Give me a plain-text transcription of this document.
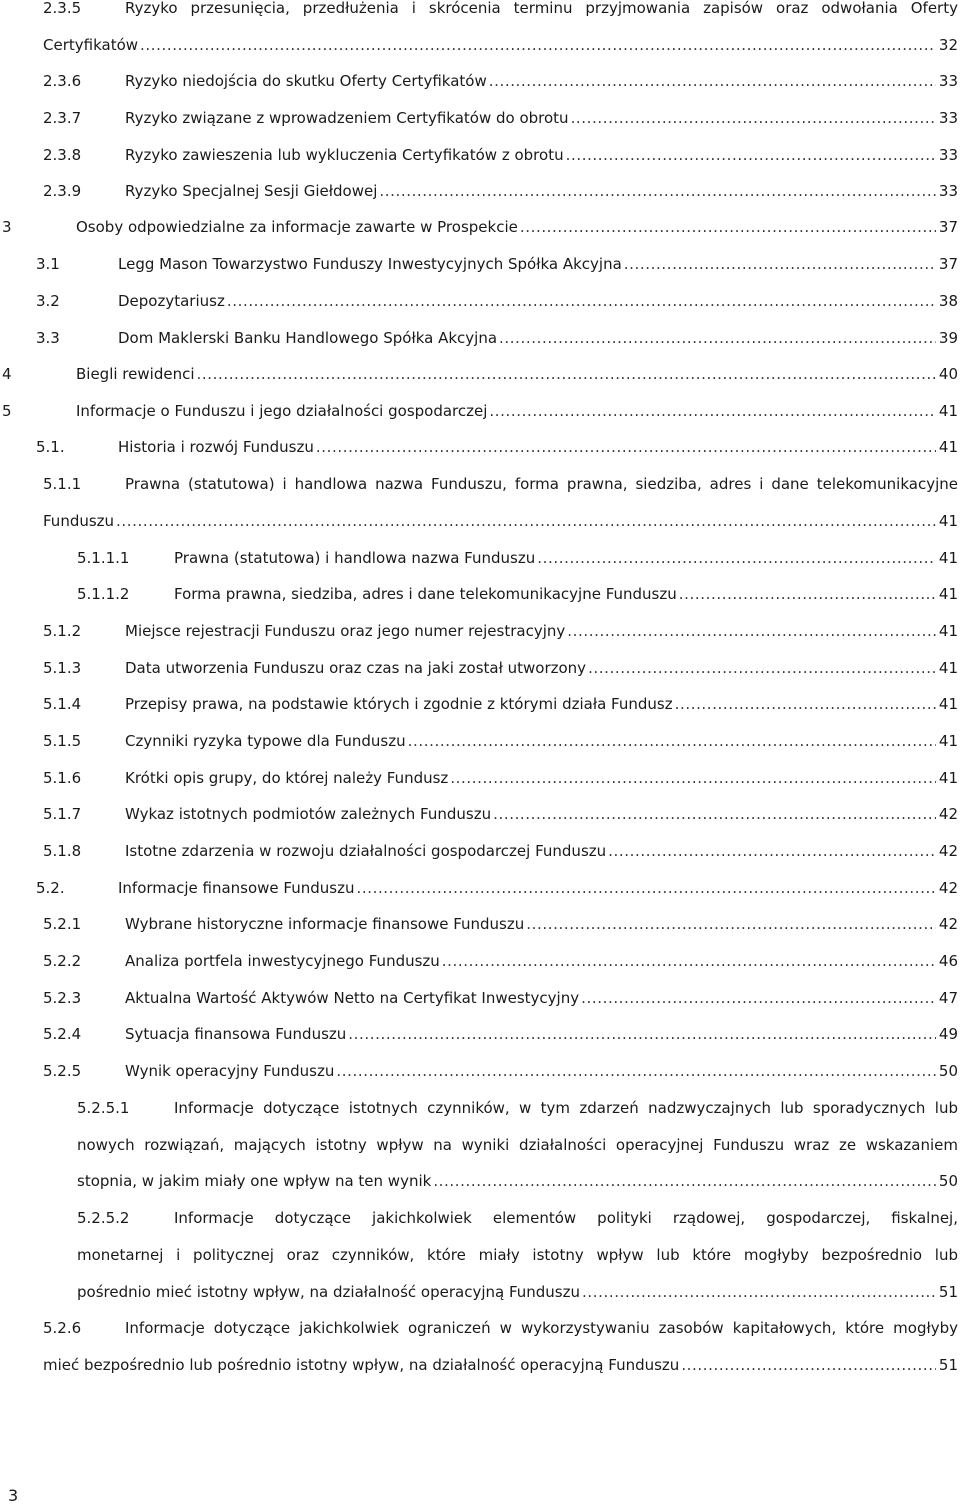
2.3.5	Ryzyko przesunięcia, przedłużenia i skrócenia terminu przyjmowania zapisów oraz odwołania Oferty
Certyfikatów .....	32
2.3.6	Ryzyko niedojścia do skutku Oferty Certyfikatów .....	33
2.3.7	Ryzyko związane z wprowadzeniem Certyfikatów do obrotu .....	33
2.3.8	Ryzyko zawieszenia lub wykluczenia Certyfikatów z obrotu .....	33
2.3.9	Ryzyko Specjalnej Sesji Giełdowej .....	33
3	Osoby odpowiedzialne za informacje zawarte w Prospekcie .....	37
3.1	Legg Mason Towarzystwo Funduszy Inwestycyjnych Spółka Akcyjna .....	37
3.2	Depozytariusz .....	38
3.3	Dom Maklerski Banku Handlowego Spółka Akcyjna .....	39
4	Biegli rewidenci .....	40
5	Informacje o Funduszu i jego działalności gospodarczej .....	41
5.1.	Historia i rozwój Funduszu .....	41
5.1.1	Prawna (statutowa) i handlowa nazwa Funduszu, forma prawna, siedziba, adres i dane telekomunikacyjne
Funduszu .....	41
5.1.1.1	Prawna (statutowa) i handlowa nazwa Funduszu .....	41
5.1.1.2	Forma prawna, siedziba, adres i dane telekomunikacyjne Funduszu .....	41
5.1.2	Miejsce rejestracji Funduszu oraz jego numer rejestracyjny .....	41
5.1.3	Data utworzenia Funduszu oraz czas na jaki został utworzony .....	41
5.1.4	Przepisy prawa, na podstawie których i zgodnie z którymi działa Fundusz .....	41
5.1.5	Czynniki ryzyka typowe dla Funduszu .....	41
5.1.6	Krótki opis grupy, do której należy Fundusz .....	41
5.1.7	Wykaz istotnych podmiotów zależnych Funduszu .....	42
5.1.8	Istotne zdarzenia w rozwoju działalności gospodarczej Funduszu .....	42
5.2.	Informacje finansowe Funduszu .....	42
5.2.1	Wybrane historyczne informacje finansowe Funduszu .....	42
5.2.2	Analiza portfela inwestycyjnego Funduszu .....	46
5.2.3	Aktualna Wartość Aktywów Netto na Certyfikat Inwestycyjny .....	47
5.2.4	Sytuacja finansowa Funduszu .....	49
5.2.5	Wynik operacyjny Funduszu .....	50
5.2.5.1	Informacje dotyczące istotnych czynników, w tym zdarzeń nadzwyczajnych lub sporadycznych lub
nowych rozwiązań, mających istotny wpływ na wyniki działalności operacyjnej Funduszu wraz ze wskazaniem
stopnia, w jakim miały one wpływ na ten wynik .....	50
5.2.5.2	Informacje dotyczące jakichkolwiek elementów polityki rządowej, gospodarczej, fiskalnej,
monetarnej i politycznej oraz czynników, które miały istotny wpływ lub które mogłyby bezpośrednio lub
pośrednio mieć istotny wpływ, na działalność operacyjną Funduszu .....	51
5.2.6	Informacje dotyczące jakichkolwiek ograniczeń w wykorzystywaniu zasobów kapitałowych, które mogłyby
mieć bezpośrednio lub pośrednio istotny wpływ, na działalność operacyjną Funduszu .....	51
3
